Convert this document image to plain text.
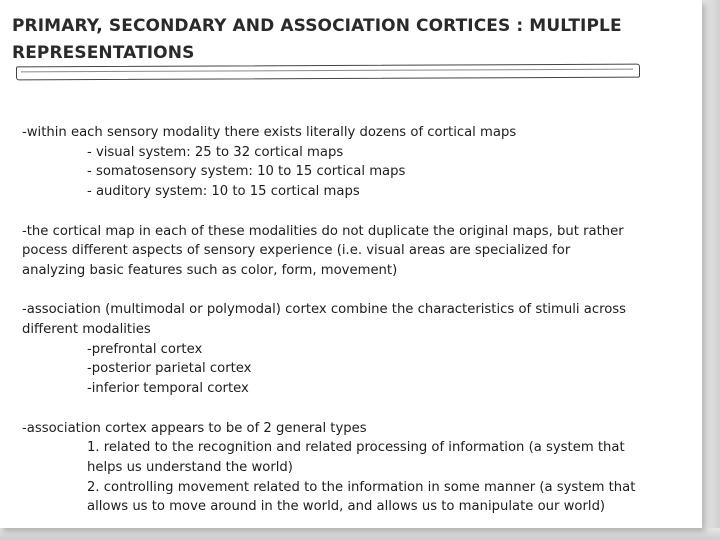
PRIMARY, SECONDARY AND ASSOCIATION CORTICES : MULTIPLE
REPRESENTATIONS
-within each sensory modality there exists literally dozens of cortical maps
- visual system: 25 to 32 cortical maps
- somatosensory system: 10 to 15 cortical maps
- auditory system: 10 to 15 cortical maps
-the cortical map in each of these modalities do not duplicate the original maps, but rather
pocess different aspects of sensory experience (i.e. visual areas are specialized for
analyzing basic features such as color, form, movement)
-association (multimodal or polymodal) cortex combine the characteristics of stimuli across
different modalities
-prefrontal cortex
-posterior parietal cortex
-inferior temporal cortex
-association cortex appears to be of 2 general types
1. related to the recognition and related processing of information (a system that
helps us understand the world)
2. controlling movement related to the information in some manner (a system that
allows us to move around in the world, and allows us to manipulate our world)
